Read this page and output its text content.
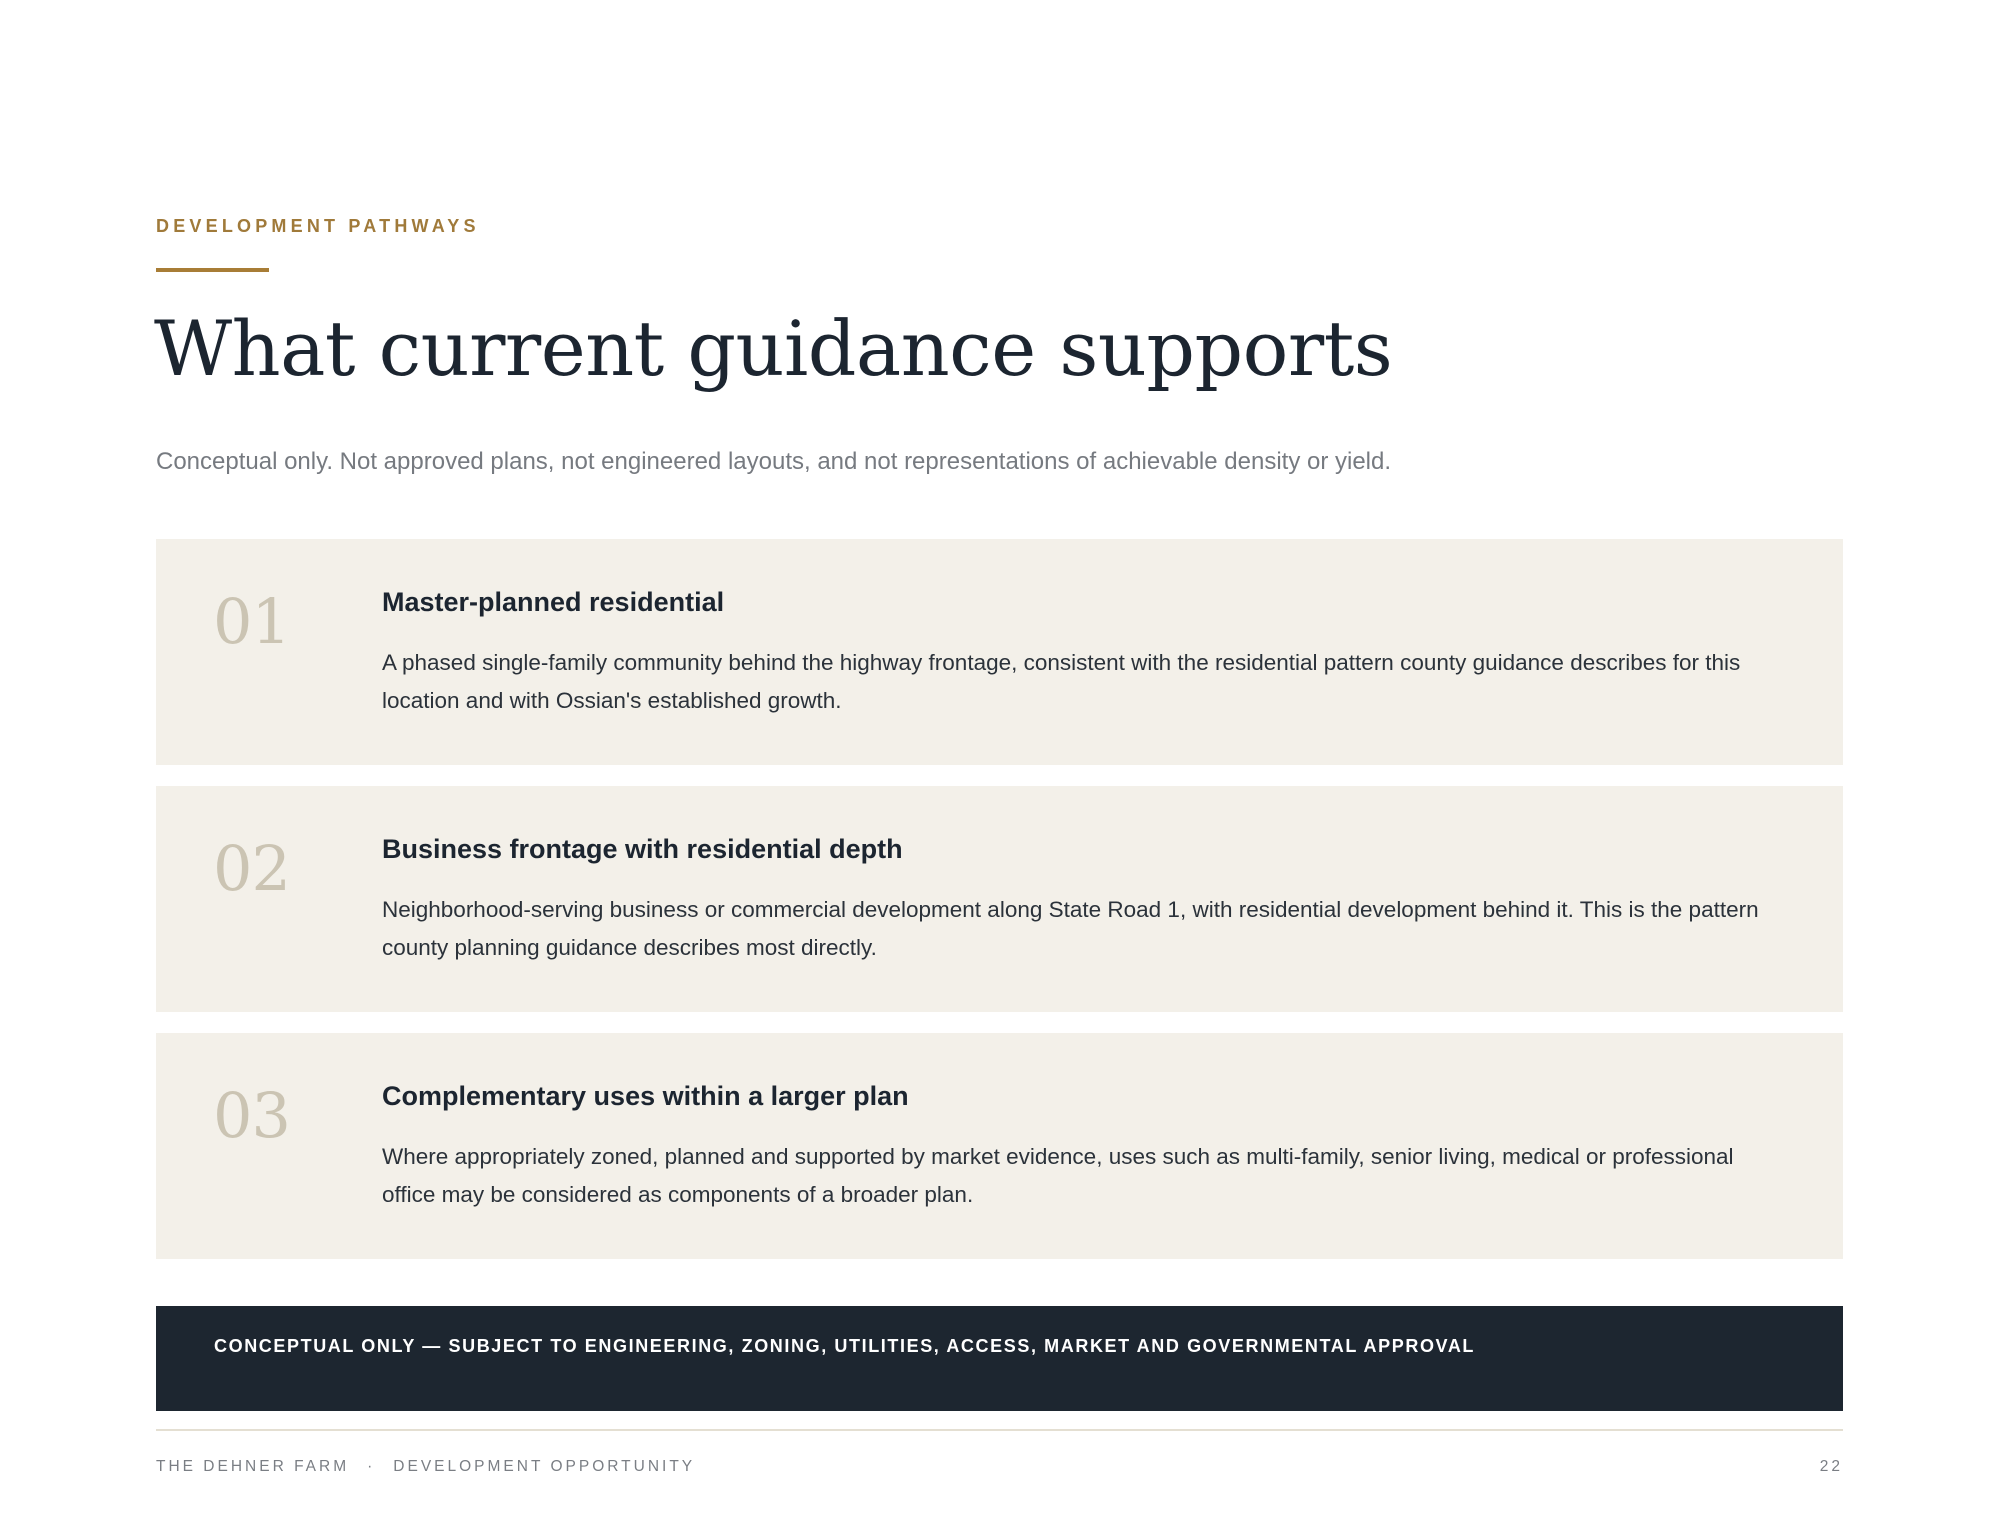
DEVELOPMENT PATHWAYS
What current guidance supports
Conceptual only. Not approved plans, not engineered layouts, and not representations of achievable density or yield.
01	Master-planned residential
A phased single-family community behind the highway frontage, consistent with the residential pattern county guidance describes for this location and with Ossian's established growth.
02	Business frontage with residential depth
Neighborhood-serving business or commercial development along State Road 1, with residential development behind it. This is the pattern county planning guidance describes most directly.
03	Complementary uses within a larger plan
Where appropriately zoned, planned and supported by market evidence, uses such as multi-family, senior living, medical or professional office may be considered as components of a broader plan.
CONCEPTUAL ONLY — SUBJECT TO ENGINEERING, ZONING, UTILITIES, ACCESS, MARKET AND GOVERNMENTAL APPROVAL
THE DEHNER FARM · DEVELOPMENT OPPORTUNITY	22
